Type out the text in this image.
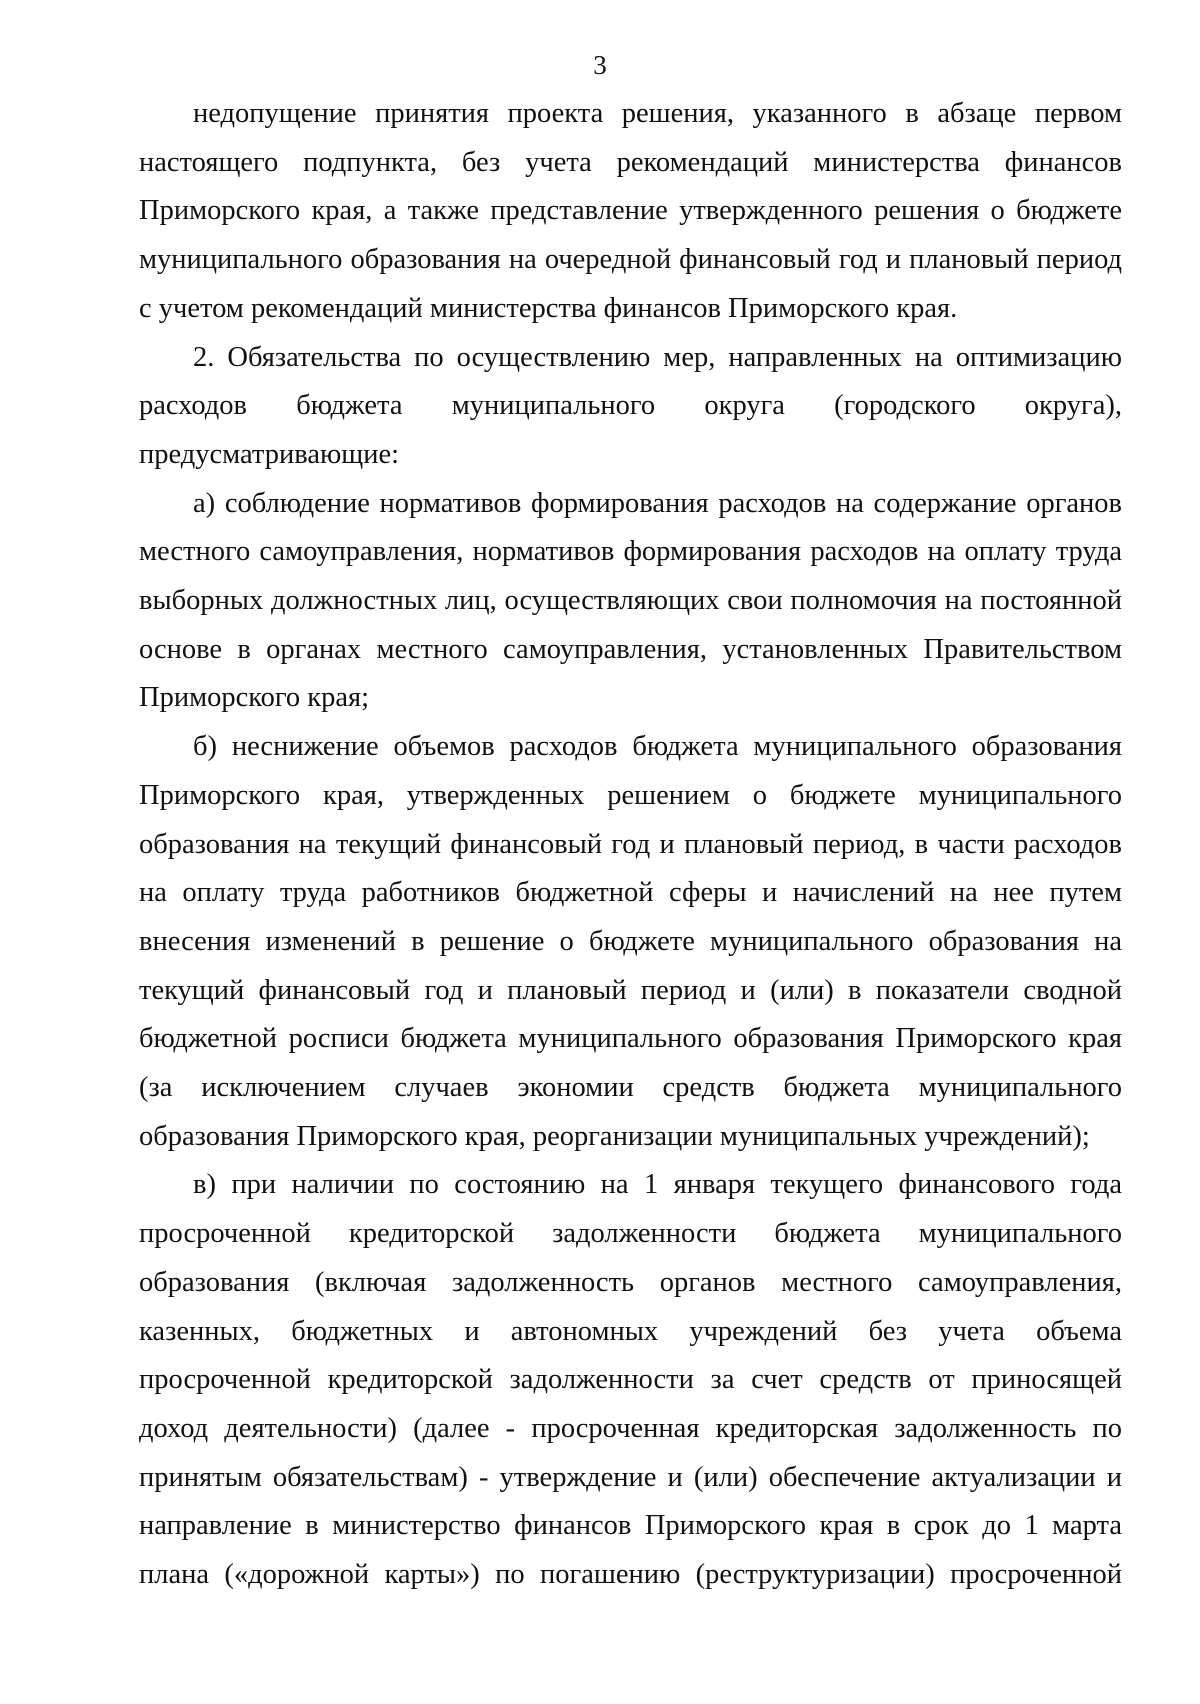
3

недопущение принятия проекта решения, указанного в абзаце первом
настоящего подпункта, без учета рекомендаций министерства финансов
Приморского края, а также представление утвержденного решения о бюджете
муниципального образования на очередной финансовый год и плановый период
с учетом рекомендаций министерства финансов Приморского края.

2. Обязательства по осуществлению мер, направленных на оптимизацию
расходов бюджета муниципального округа (городского округа),
предусматривающие:

а) соблюдение нормативов формирования расходов на содержание органов
местного самоуправления, нормативов формирования расходов на оплату труда
выборных должностных лиц, осуществляющих свои полномочия на постоянной
основе в органах местного самоуправления, установленных Правительством
Приморского края;

б) неснижение объемов расходов бюджета муниципального образования
Приморского края, утвержденных решением о бюджете муниципального
образования на текущий финансовый год и плановый период, в части расходов
на оплату труда работников бюджетной сферы и начислений на нее путем
внесения изменений в решение о бюджете муниципального образования на
текущий финансовый год и плановый период и (или) в показатели сводной
бюджетной росписи бюджета муниципального образования Приморского края
(за исключением случаев экономии средств бюджета муниципального
образования Приморского края, реорганизации муниципальных учреждений);

в) при наличии по состоянию на 1 января текущего финансового года
просроченной кредиторской задолженности бюджета муниципального
образования (включая задолженность органов местного самоуправления,
казенных, бюджетных и автономных учреждений без учета объема
просроченной кредиторской задолженности за счет средств от приносящей
доход деятельности) (далее - просроченная кредиторская задолженность по
принятым обязательствам) - утверждение и (или) обеспечение актуализации и
направление в министерство финансов Приморского края в срок до 1 марта
плана («дорожной карты») по погашению (реструктуризации) просроченной
